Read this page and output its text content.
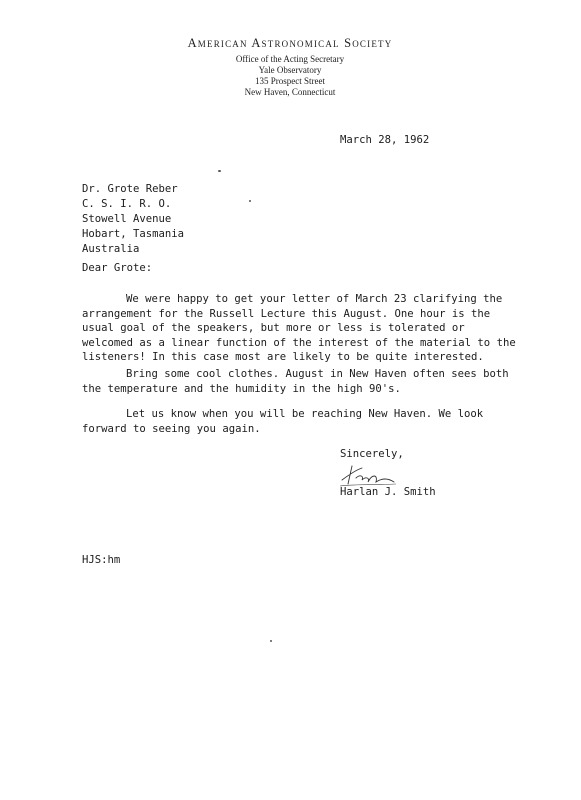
American Astronomical Society
Office of the Acting Secretary
Yale Observatory
135 Prospect Street
New Haven, Connecticut
March 28, 1962
Dr. Grote Reber
C. S. I. R. O.
Stowell Avenue
Hobart, Tasmania
Australia
Dear Grote:
We were happy to get your letter of March 23 clarifying the arrangement for the Russell Lecture this August. One hour is the usual goal of the speakers, but more or less is tolerated or welcomed as a linear function of the interest of the material to the listeners! In this case most are likely to be quite interested.
Bring some cool clothes. August in New Haven often sees both the temperature and the humidity in the high 90's.
Let us know when you will be reaching New Haven. We look forward to seeing you again.
Sincerely,
Harlan J. Smith
HJS:hm
